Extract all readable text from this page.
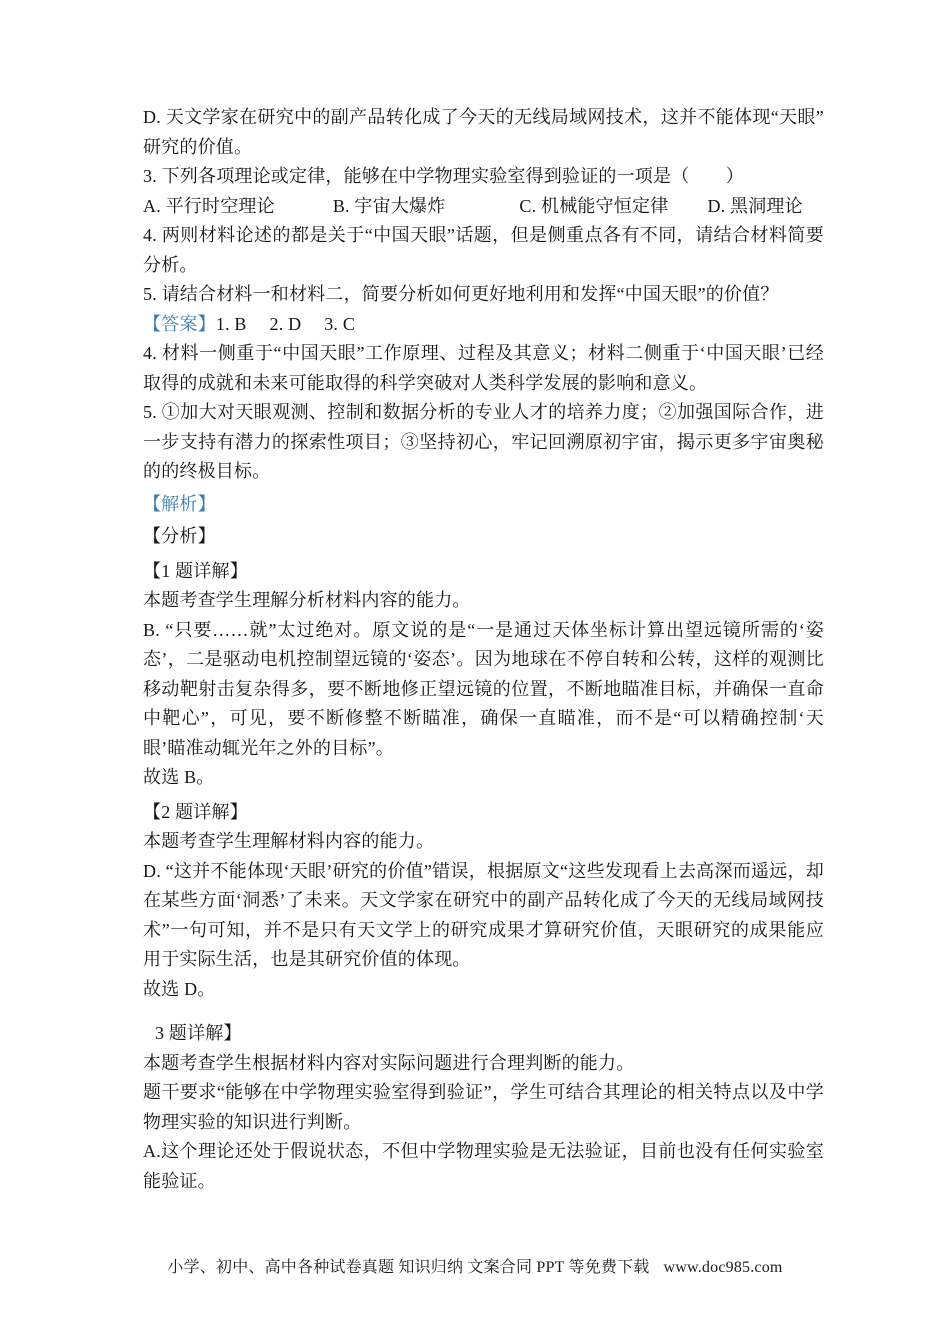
D. 天文学家在研究中的副产品转化成了今天的无线局域网技术，这并不能体现“天眼”研究的价值。

3. 下列各项理论或定律，能够在中学物理实验室得到验证的一项是（　　）

A. 平行时空理论	B. 宇宙大爆炸	C. 机械能守恒定律 D. 黑洞理论

4. 两则材料论述的都是关于“中国天眼”话题，但是侧重点各有不同，请结合材料简要分析。

5. 请结合材料一和材料二，简要分析如何更好地利用和发挥“中国天眼”的价值？

【答案】1. B　 2. D　 3. C

4. 材料一侧重于“中国天眼”工作原理、过程及其意义；材料二侧重于‘中国天眼’已经取得的成就和未来可能取得的科学突破对人类科学发展的影响和意义。

5. ①加大对天眼观测、控制和数据分析的专业人才的培养力度；②加强国际合作，进一步支持有潜力的探索性项目；③坚持初心，牢记回溯原初宇宙，揭示更多宇宙奥秘的的终极目标。

【解析】

【分析】

【1 题详解】

本题考查学生理解分析材料内容的能力。

B. “只要……就”太过绝对。原文说的是“一是通过天体坐标计算出望远镜所需的‘姿态’，二是驱动电机控制望远镜的‘姿态’。因为地球在不停自转和公转，这样的观测比移动靶射击复杂得多，要不断地修正望远镜的位置，不断地瞄准目标，并确保一直命中靶心”，可见，要不断修整不断瞄准，确保一直瞄准，而不是“可以精确控制‘天眼’瞄准动辄光年之外的目标”。

故选 B。

【2 题详解】

本题考查学生理解材料内容的能力。

D. “这并不能体现‘天眼’研究的价值”错误，根据原文“这些发现看上去高深而遥远，却在某些方面‘洞悉’了未来。天文学家在研究中的副产品转化成了今天的无线局域网技术”一句可知，并不是只有天文学上的研究成果才算研究价值，天眼研究的成果能应用于实际生活，也是其研究价值的体现。

故选 D。

3 题详解】

本题考查学生根据材料内容对实际问题进行合理判断的能力。

题干要求“能够在中学物理实验室得到验证”，学生可结合其理论的相关特点以及中学物理实验的知识进行判断。

A.这个理论还处于假说状态，不但中学物理实验是无法验证，目前也没有任何实验室能验证。

小学、初中、高中各种试卷真题 知识归纳 文案合同 PPT 等免费下载 www.doc985.com
